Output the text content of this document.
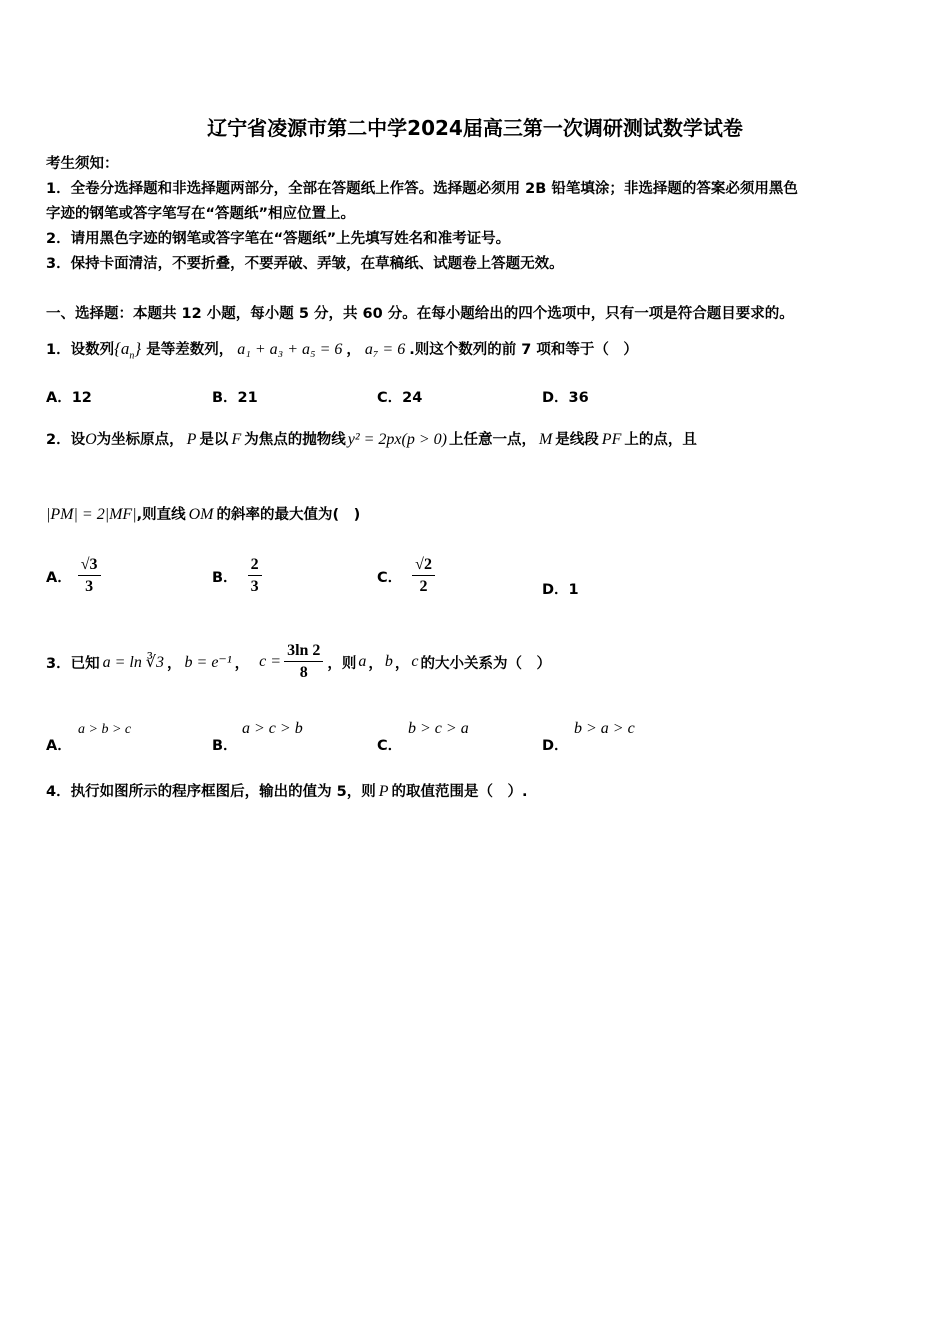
辽宁省凌源市第二中学2024届高三第一次调研测试数学试卷
考生须知：
1．全卷分选择题和非选择题两部分，全部在答题纸上作答。选择题必须用 2B 铅笔填涂；非选择题的答案必须用黑色
字迹的钢笔或答字笔写在“答题纸”相应位置上。
2．请用黑色字迹的钢笔或答字笔在“答题纸”上先填写姓名和准考证号。
3．保持卡面清洁，不要折叠，不要弄破、弄皱，在草稿纸、试题卷上答题无效。
一、选择题：本题共 12 小题，每小题 5 分，共 60 分。在每小题给出的四个选项中，只有一项是符合题目要求的。
1．设数列$\{a_n\}$ 是等差数列， a₁ + a₃ + a₅ = 6 ， a₇ = 6 .则这个数列的前 7 项和等于（　）
A．12	B．21	C．24	D．36
2．设O为坐标原点， P 是以 F 为焦点的抛物线 y² = 2px(p > 0) 上任意一点， M 是线段 PF 上的点，且
|PM| = 2|MF|,则直线 OM 的斜率的最大值为(　)
A． $\frac{√3}{3}$	B． $\frac{2}{3}$	C． $\frac{√2}{2}$	D．1
3．已知 a = ln ∛3 ， b = e⁻¹ ， $c = \frac{3\ln 2}{8}$ ，则 a ， b ， c 的大小关系为（　）
A．
a > b > c
B．
a > c > b
C．
b > c > a
D．
b > a > c
4．执行如图所示的程序框图后，输出的值为 5，则 P 的取值范围是（　）.
